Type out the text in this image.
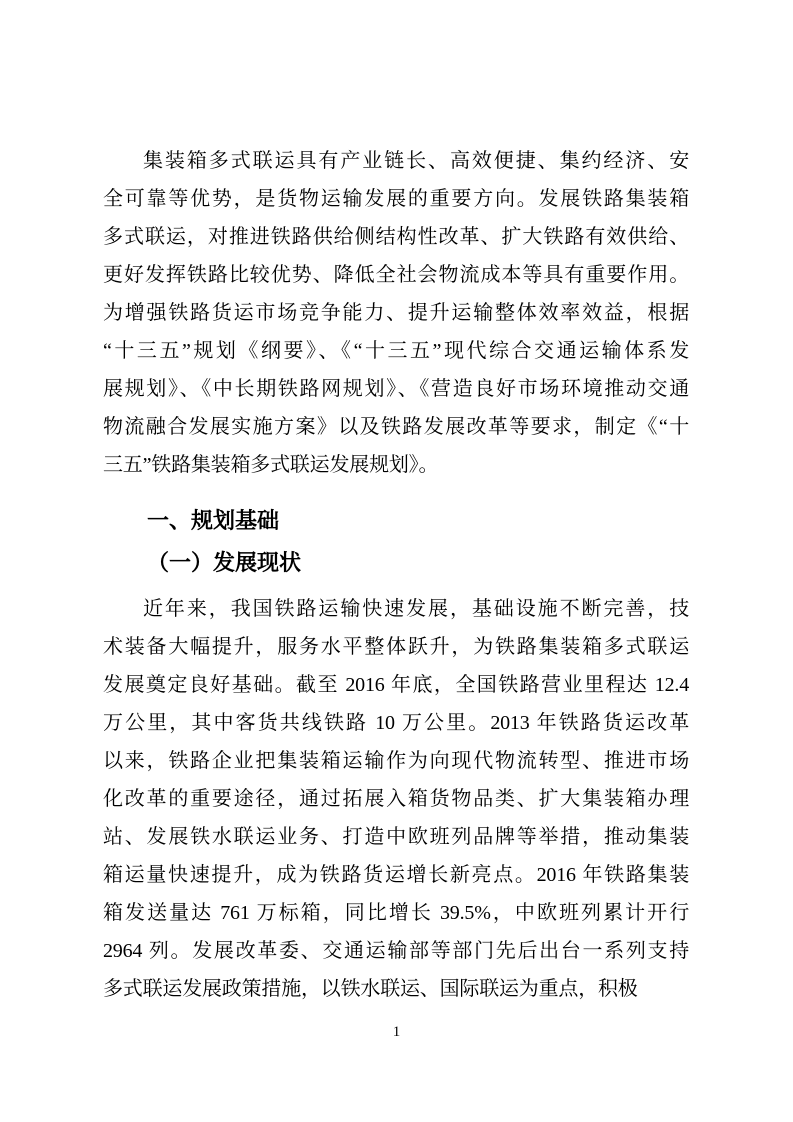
集装箱多式联运具有产业链长、高效便捷、集约经济、安
全可靠等优势，是货物运输发展的重要方向。发展铁路集装箱
多式联运，对推进铁路供给侧结构性改革、扩大铁路有效供给、
更好发挥铁路比较优势、降低全社会物流成本等具有重要作用。
为增强铁路货运市场竞争能力、提升运输整体效率效益，根据
“十三五”规划《纲要》、《“十三五”现代综合交通运输体系发
展规划》、《中长期铁路网规划》、《营造良好市场环境推动交通
物流融合发展实施方案》以及铁路发展改革等要求，制定《“十
三五”铁路集装箱多式联运发展规划》。
一、规划基础
（一）发展现状
近年来，我国铁路运输快速发展，基础设施不断完善，技
术装备大幅提升，服务水平整体跃升，为铁路集装箱多式联运
发展奠定良好基础。截至 2016 年底，全国铁路营业里程达 12.4
万公里，其中客货共线铁路 10 万公里。2013 年铁路货运改革
以来，铁路企业把集装箱运输作为向现代物流转型、推进市场
化改革的重要途径，通过拓展入箱货物品类、扩大集装箱办理
站、发展铁水联运业务、打造中欧班列品牌等举措，推动集装
箱运量快速提升，成为铁路货运增长新亮点。2016 年铁路集装
箱发送量达 761 万标箱，同比增长 39.5%，中欧班列累计开行
2964 列。发展改革委、交通运输部等部门先后出台一系列支持
多式联运发展政策措施，以铁水联运、国际联运为重点，积极
1
